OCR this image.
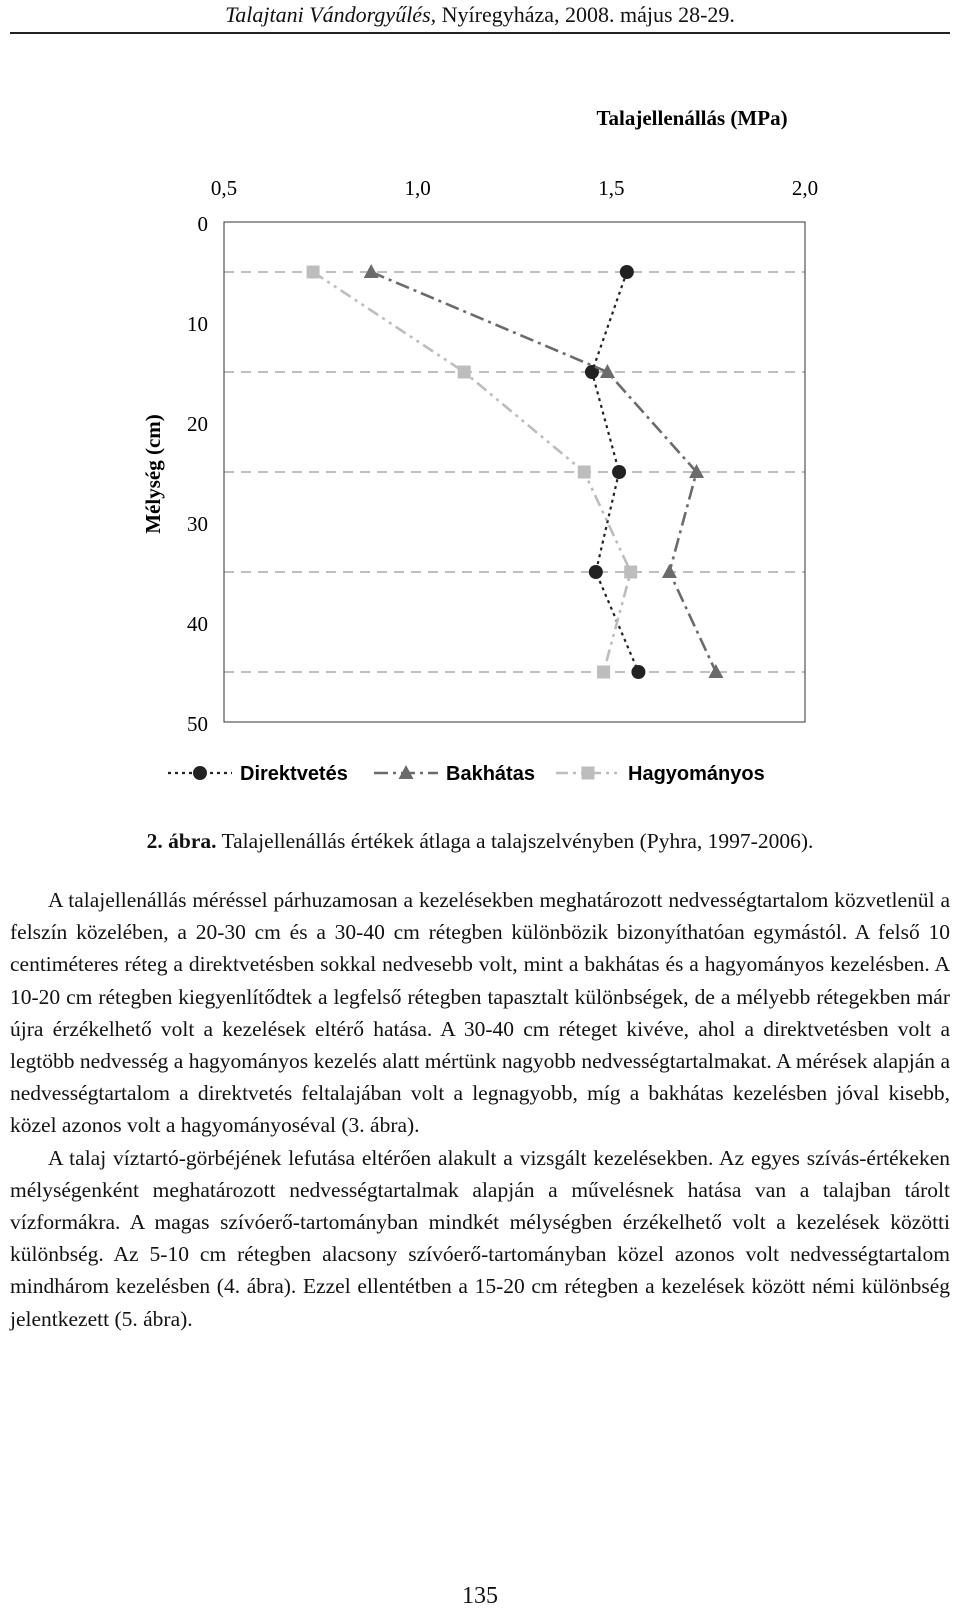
Talajtani Vándorgyűlés, Nyíregyháza, 2008. május 28-29.
Talajellenállás (MPa)
Mélység (cm)
0,5	1,0	1,5	2,0
0
10
20
30
40
50
Direktvetés	Bakhátas	Hagyományos
2. ábra. Talajellenállás értékek átlaga a talajszelvényben (Pyhra, 1997-2006).

A talajellenállás méréssel párhuzamosan a kezelésekben meghatározott nedvességtartalom közvetlenül a felszín közelében, a 20-30 cm és a 30-40 cm rétegben különbözik bizonyíthatóan egymástól. A felső 10 centiméteres réteg a direktvetésben sokkal nedvesebb volt, mint a bakhátas és a hagyományos kezelésben. A 10-20 cm rétegben kiegyenlítődtek a legfelső rétegben tapasztalt különbségek, de a mélyebb rétegekben már újra érzékelhető volt a kezelések eltérő hatása. A 30-40 cm réteget kivéve, ahol a direktvetésben volt a legtöbb nedvesség a hagyományos kezelés alatt mértünk nagyobb nedvességtartalmakat. A mérések alapján a nedvességtartalom a direktvetés feltalajában volt a legnagyobb, míg a bakhátas kezelésben jóval kisebb, közel azonos volt a hagyományoséval (3. ábra).

A talaj víztartó-görbéjének lefutása eltérően alakult a vizsgált kezelésekben. Az egyes szívás-értékeken mélységenként meghatározott nedvességtartalmak alapján a művelésnek hatása van a talajban tárolt vízformákra. A magas szívóerő-tartományban mindkét mélységben érzékelhető volt a kezelések közötti különbség. Az 5-10 cm rétegben alacsony szívóerő-tartományban közel azonos volt nedvességtartalom mindhárom kezelésben (4. ábra). Ezzel ellentétben a 15-20 cm rétegben a kezelések között némi különbség jelentkezett (5. ábra).

135
